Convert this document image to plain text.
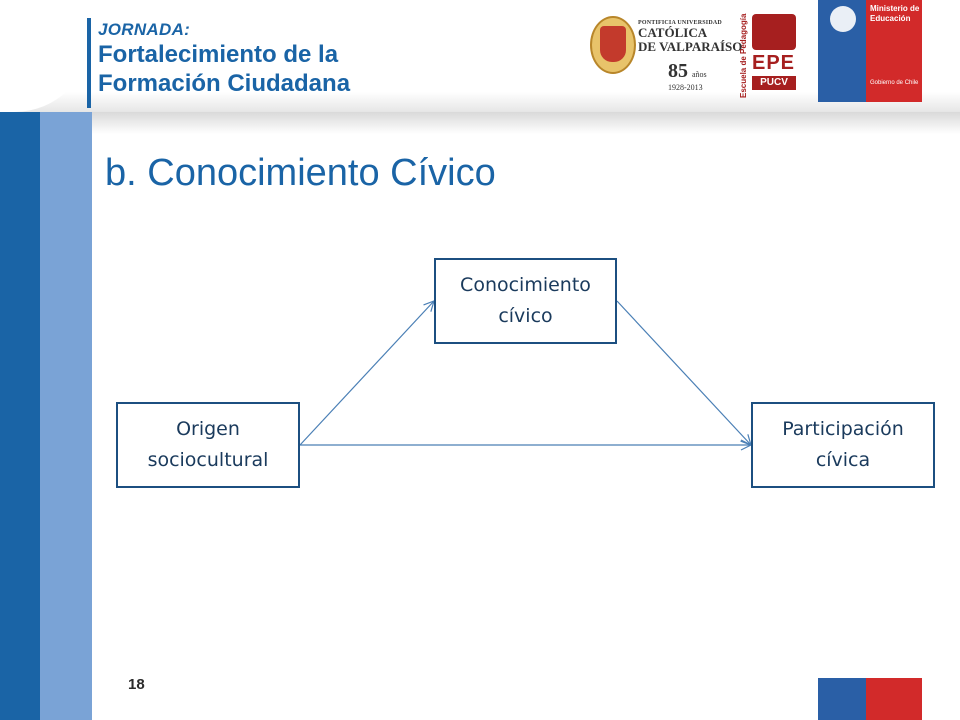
JORNADA:
Fortalecimiento de la
Formación Ciudadana
PONTIFICIA UNIVERSIDAD
CATÓLICA
DE VALPARAÍSO
85 años
1928-2013	Escuela de Pedagogía EPE
PUCV
Ministerio de
Educación
Gobierno de Chile
b. Conocimiento Cívico
Conocimiento
cívico
Origen
sociocultural
Participación
cívica
18
